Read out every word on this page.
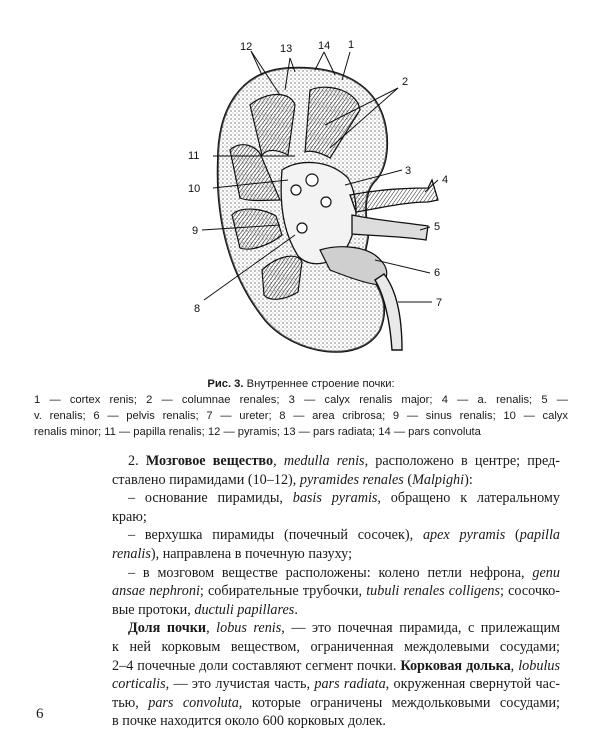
12	13 14 1
2
11
10
9
3
4
5
6
7
8
Рис. 3. Внутреннее строение почки:
1 — cortex renis; 2 — columnae renales; 3 — calyx renalis major; 4 — a. renalis; 5 —
v. renalis; 6 — pelvis renalis; 7 — ureter; 8 — area cribrosa; 9 — sinus renalis; 10 — calyx
renalis minor; 11 — papilla renalis; 12 — pyramis; 13 — pars radiata; 14 — pars convoluta
2. Мозговое вещество, medulla renis, расположено в центре; пред-
ставлено пирамидами (10–12), pyramides renales (Malpighi):
– основание пирамиды, basis pyramis, обращено к латеральному
краю;
– верхушка пирамиды (почечный сосочек), apex pyramis (papilla
renalis), направлена в почечную пазуху;
– в мозговом веществе расположены: колено петли нефрона, genu
ansae nephroni; собирательные трубочки, tubuli renales colligens; сосочко-
вые протоки, ductuli papillares.
Доля почки, lobus renis, — это почечная пирамида, с прилежащим
к ней корковым веществом, ограниченная междолевыми сосудами;
2–4 почечные доли составляют сегмент почки. Корковая долька, lobulus
corticalis, — это лучистая часть, pars radiata, окруженная свернутой час-
тью, pars convoluta, которые ограничены междольковыми сосудами;
в почке находится около 600 корковых долек.
6
